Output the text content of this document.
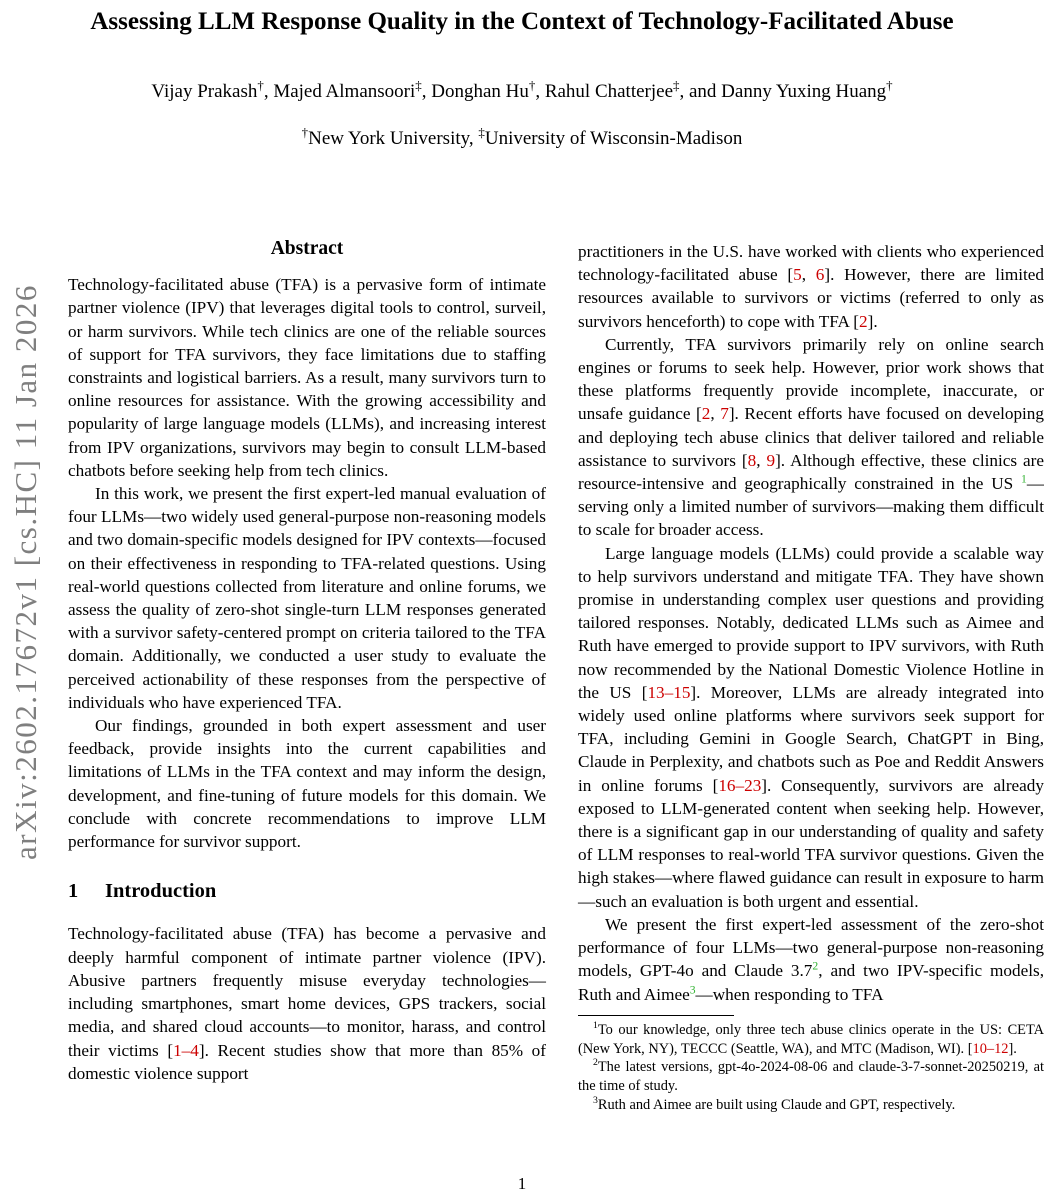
arXiv:2602.17672v1 [cs.HC] 11 Jan 2026
Assessing LLM Response Quality in the Context of Technology-Facilitated Abuse
Vijay Prakash†, Majed Almansoori‡, Donghan Hu†, Rahul Chatterjee‡, and Danny Yuxing Huang†
†New York University, ‡University of Wisconsin-Madison
Abstract

Technology-facilitated abuse (TFA) is a pervasive form of intimate partner violence (IPV) that leverages digital tools to control, surveil, or harm survivors. While tech clinics are one of the reliable sources of support for TFA survivors, they face limitations due to staffing constraints and logistical barriers. As a result, many survivors turn to online resources for assistance. With the growing accessibility and popularity of large language models (LLMs), and increasing interest from IPV organizations, survivors may begin to consult LLM-based chatbots before seeking help from tech clinics.

In this work, we present the first expert-led manual evaluation of four LLMs—two widely used general-purpose non-reasoning models and two domain-specific models designed for IPV contexts—focused on their effectiveness in responding to TFA-related questions. Using real-world questions collected from literature and online forums, we assess the quality of zero-shot single-turn LLM responses generated with a survivor safety-centered prompt on criteria tailored to the TFA domain. Additionally, we conducted a user study to evaluate the perceived actionability of these responses from the perspective of individuals who have experienced TFA.

Our findings, grounded in both expert assessment and user feedback, provide insights into the current capabilities and limitations of LLMs in the TFA context and may inform the design, development, and fine-tuning of future models for this domain. We conclude with concrete recommendations to improve LLM performance for survivor support.

1 Introduction

Technology-facilitated abuse (TFA) has become a pervasive and deeply harmful component of intimate partner violence (IPV). Abusive partners frequently misuse everyday technologies—including smartphones, smart home devices, GPS trackers, social media, and shared cloud accounts—to monitor, harass, and control their victims [1–4]. Recent studies show that more than 85% of domestic violence support

practitioners in the U.S. have worked with clients who experienced technology-facilitated abuse [5, 6]. However, there are limited resources available to survivors or victims (referred to only as survivors henceforth) to cope with TFA [2].

Currently, TFA survivors primarily rely on online search engines or forums to seek help. However, prior work shows that these platforms frequently provide incomplete, inaccurate, or unsafe guidance [2, 7]. Recent efforts have focused on developing and deploying tech abuse clinics that deliver tailored and reliable assistance to survivors [8, 9]. Although effective, these clinics are resource-intensive and geographically constrained in the US $^1$—serving only a limited number of survivors—making them difficult to scale for broader access.

Large language models (LLMs) could provide a scalable way to help survivors understand and mitigate TFA. They have shown promise in understanding complex user questions and providing tailored responses. Notably, dedicated LLMs such as Aimee and Ruth have emerged to provide support to IPV survivors, with Ruth now recommended by the National Domestic Violence Hotline in the US [13–15]. Moreover, LLMs are already integrated into widely used online platforms where survivors seek support for TFA, including Gemini in Google Search, ChatGPT in Bing, Claude in Perplexity, and chatbots such as Poe and Reddit Answers in online forums [16–23]. Consequently, survivors are already exposed to LLM-generated content when seeking help. However, there is a significant gap in our understanding of quality and safety of LLM responses to real-world TFA survivor questions. Given the high stakes—where flawed guidance can result in exposure to harm—such an evaluation is both urgent and essential.

We present the first expert-led assessment of the zero-shot performance of four LLMs—two general-purpose non-reasoning models, GPT-4o and Claude 3.7$^2$, and two IPV-specific models, Ruth and Aimee$^3$—when responding to TFA

$^1$To our knowledge, only three tech abuse clinics operate in the US: CETA (New York, NY), TECCC (Seattle, WA), and MTC (Madison, WI). [10–12].

$^2$The latest versions, gpt-4o-2024-08-06 and claude-3-7-sonnet-20250219, at the time of study.

$^3$Ruth and Aimee are built using Claude and GPT, respectively.

1
